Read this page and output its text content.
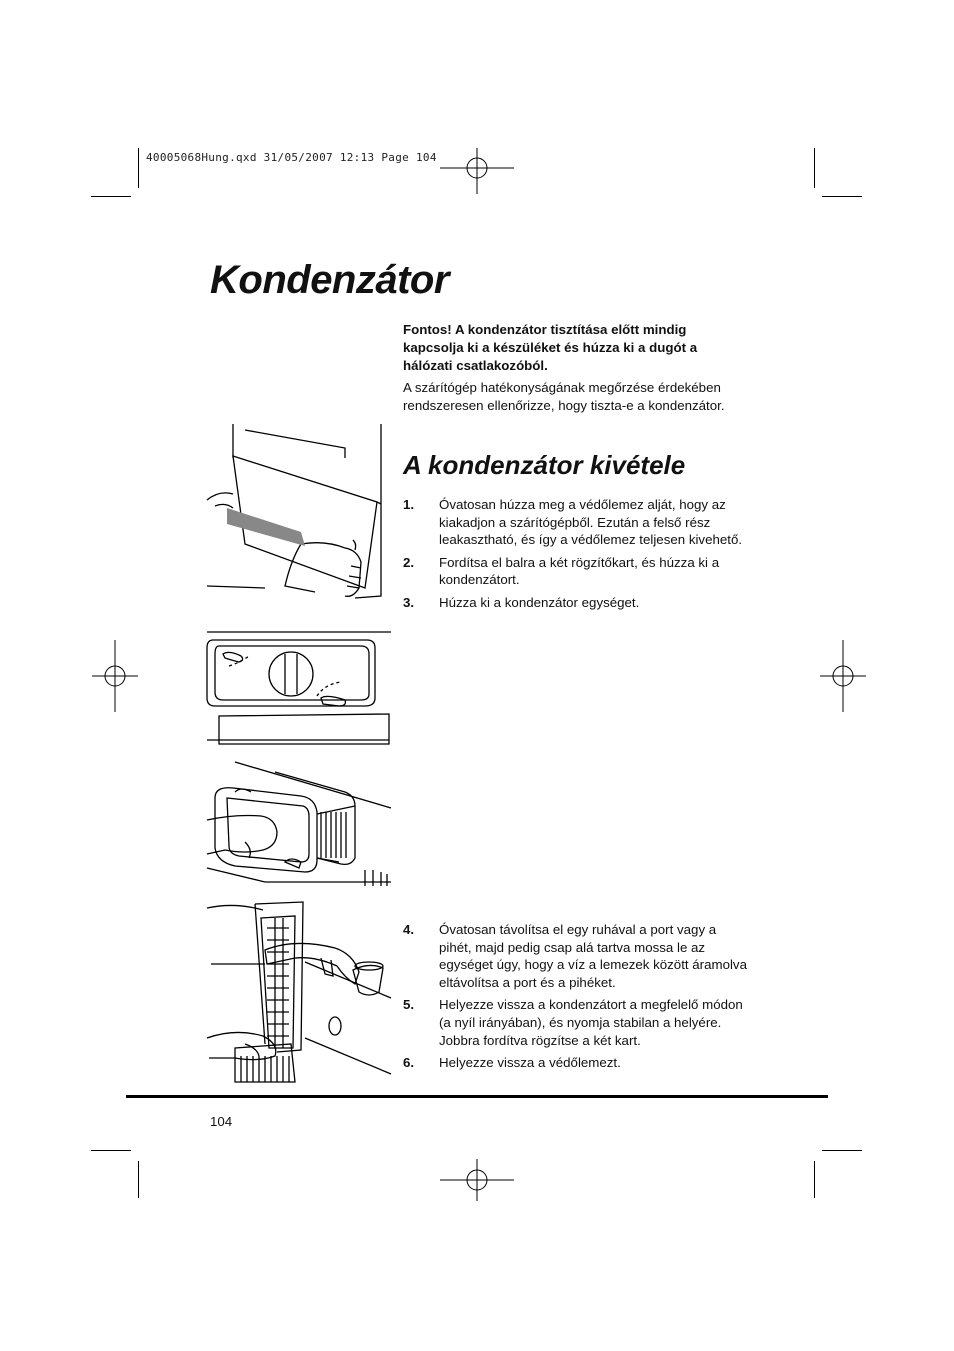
40005068Hung.qxd 31/05/2007 12:13 Page 104
Kondenzátor

Fontos! A kondenzátor tisztítása előtt mindig kapcsolja ki a készüléket és húzza ki a dugót a hálózati csatlakozóból.

A szárítógép hatékonyságának megőrzése érdekében rendszeresen ellenőrizze, hogy tiszta-e a kondenzátor.

A kondenzátor kivétele
1.	Óvatosan húzza meg a védőlemez alját, hogy az kiakadjon a szárítógépből. Ezután a felső rész leakasztható, és így a védőlemez teljesen kivehető.
2.	Fordítsa el balra a két rögzítőkart, és húzza ki a kondenzátort.
3.	Húzza ki a kondenzátor egységet.
4.	Óvatosan távolítsa el egy ruhával a port vagy a pihét, majd pedig csap alá tartva mossa le az egységet úgy, hogy a víz a lemezek között áramolva eltávolítsa a port és a pihéket.
5.	Helyezze vissza a kondenzátort a megfelelő módon (a nyíl irányában), és nyomja stabilan a helyére. Jobbra fordítva rögzítse a két kart.
6.	Helyezze vissza a védőlemezt.
104
